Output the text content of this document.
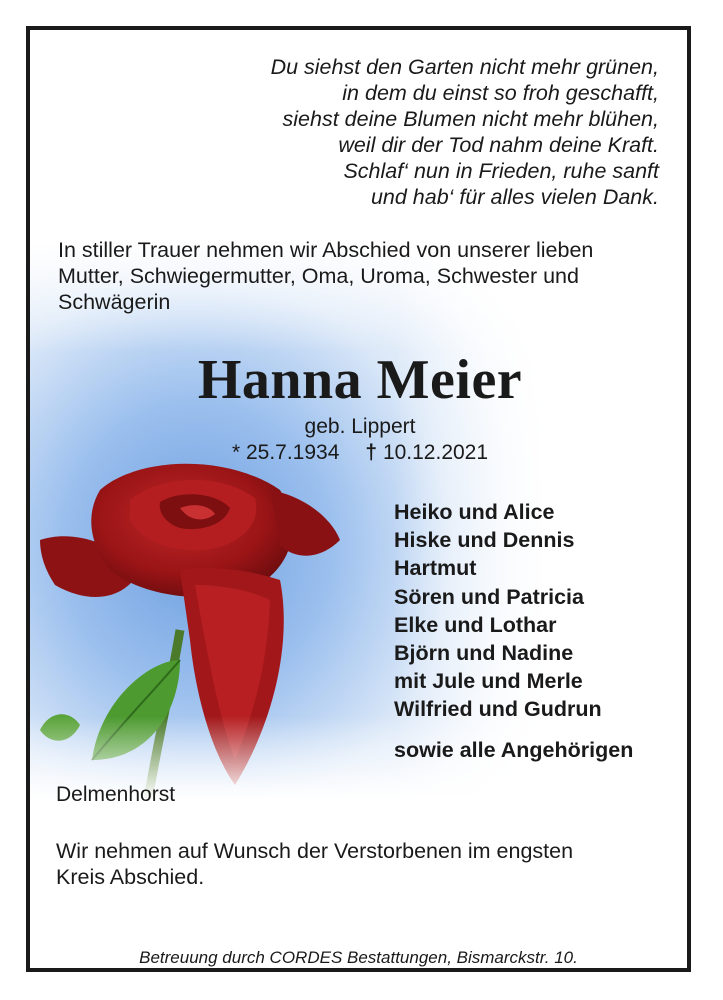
Du siehst den Garten nicht mehr grünen,
in dem du einst so froh geschafft,
siehst deine Blumen nicht mehr blühen,
weil dir der Tod nahm deine Kraft.
Schlaf‘ nun in Frieden, ruhe sanft
und hab‘ für alles vielen Dank.
In stiller Trauer nehmen wir Abschied von unserer lieben
Mutter, Schwiegermutter, Oma, Uroma, Schwester und
Schwägerin
Hanna Meier
geb. Lippert
* 25.7.1934 † 10.12.2021
Heiko und Alice
Hiske und Dennis
Hartmut
Sören und Patricia
Elke und Lothar
Björn und Nadine
mit Jule und Merle
Wilfried und Gudrun
sowie alle Angehörigen
Delmenhorst
Wir nehmen auf Wunsch der Verstorbenen im engsten
Kreis Abschied.
Betreuung durch CORDES Bestattungen, Bismarckstr. 10.
